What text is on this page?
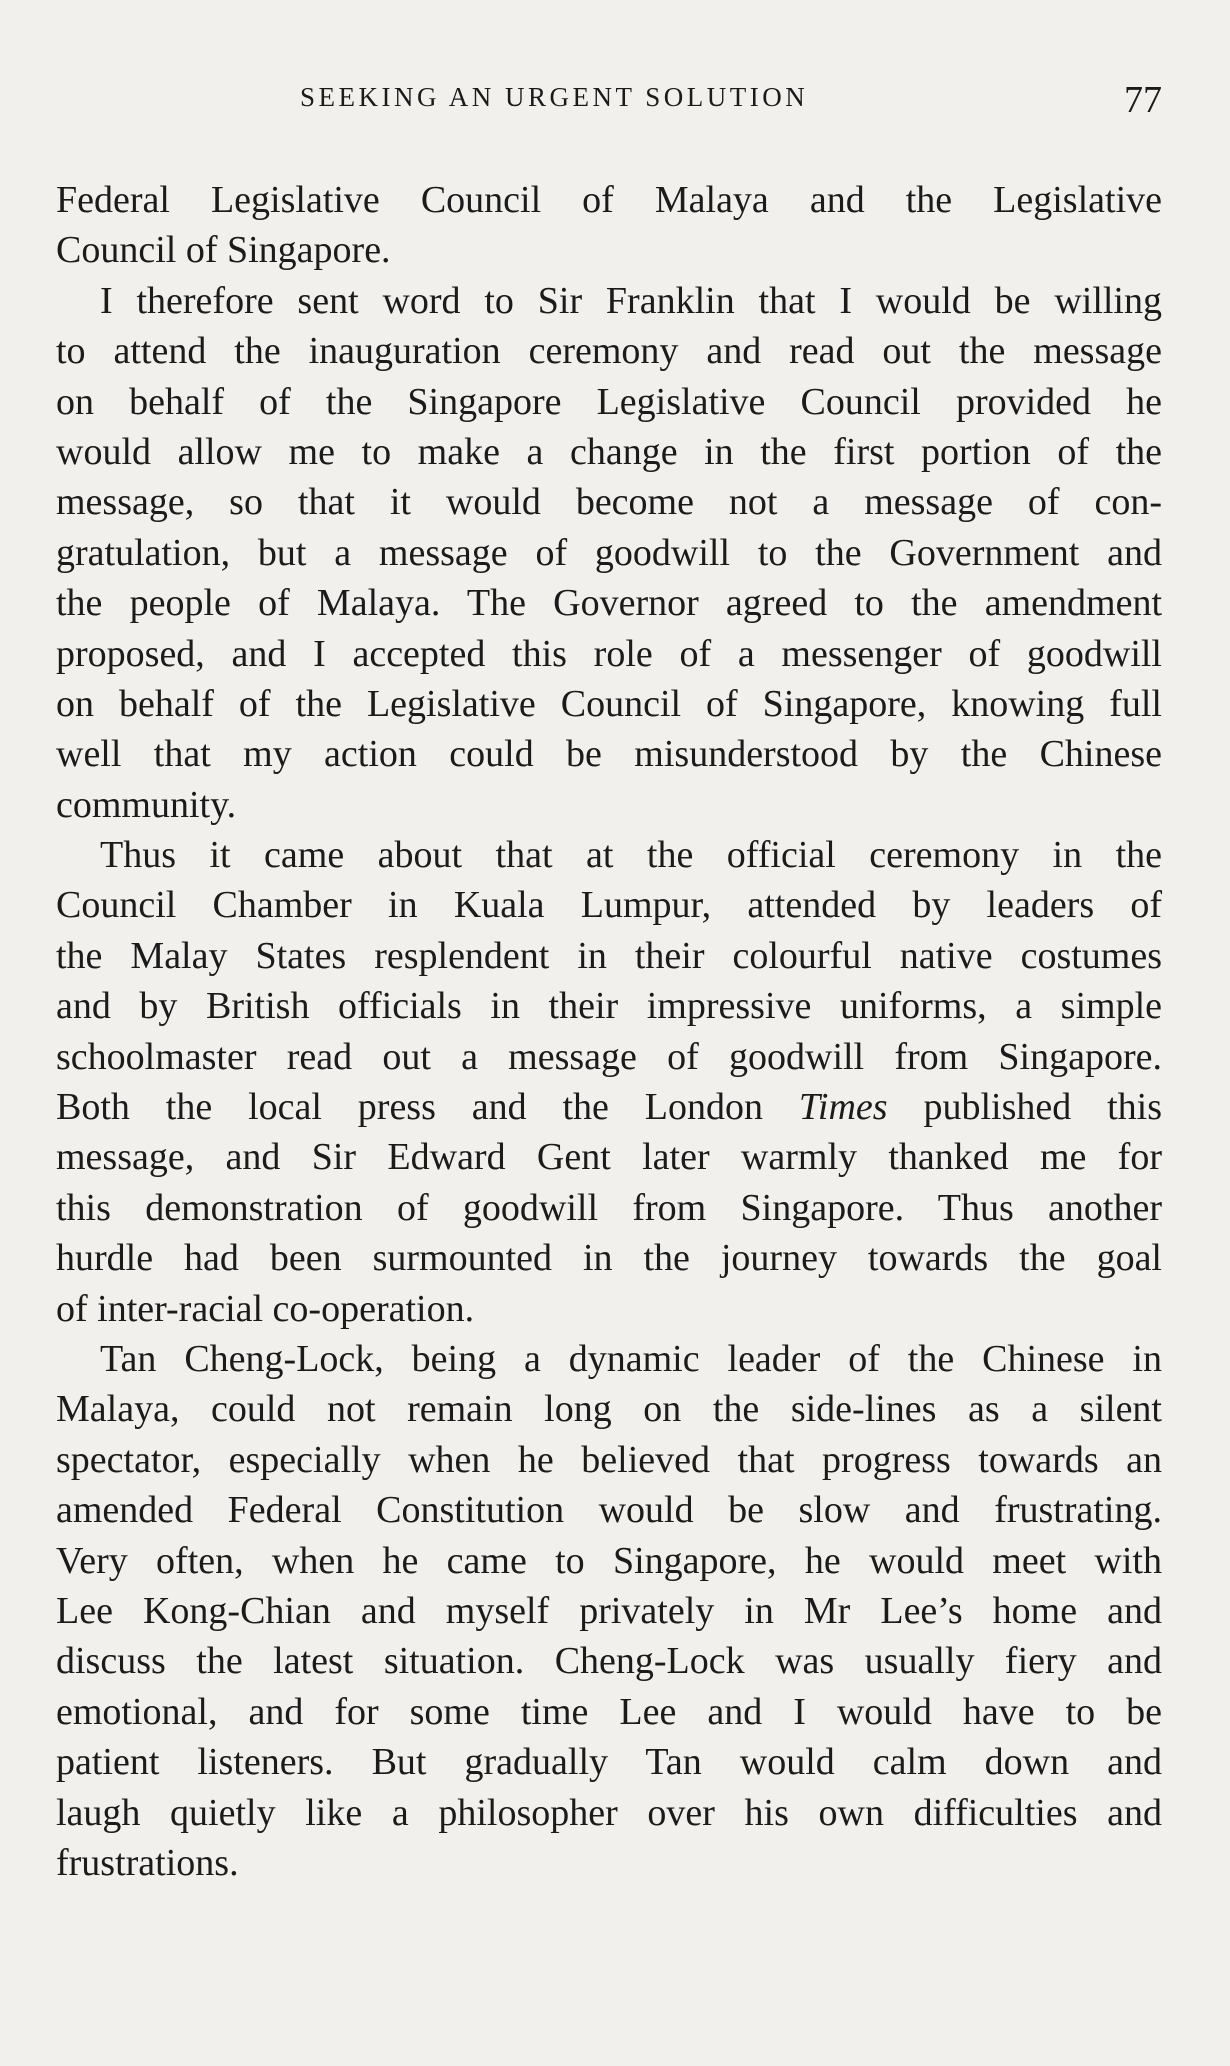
SEEKING AN URGENT SOLUTION	77
Federal Legislative Council of Malaya and the Legislative
Council of Singapore.
I therefore sent word to Sir Franklin that I would be willing
to attend the inauguration ceremony and read out the message
on behalf of the Singapore Legislative Council provided he
would allow me to make a change in the first portion of the
message, so that it would become not a message of con-
gratulation, but a message of goodwill to the Government and
the people of Malaya. The Governor agreed to the amendment
proposed, and I accepted this role of a messenger of goodwill
on behalf of the Legislative Council of Singapore, knowing full
well that my action could be misunderstood by the Chinese
community.
Thus it came about that at the official ceremony in the
Council Chamber in Kuala Lumpur, attended by leaders of
the Malay States resplendent in their colourful native costumes
and by British officials in their impressive uniforms, a simple
schoolmaster read out a message of goodwill from Singapore.
Both the local press and the London Times published this
message, and Sir Edward Gent later warmly thanked me for
this demonstration of goodwill from Singapore. Thus another
hurdle had been surmounted in the journey towards the goal
of inter-racial co-operation.
Tan Cheng-Lock, being a dynamic leader of the Chinese in
Malaya, could not remain long on the side-lines as a silent
spectator, especially when he believed that progress towards an
amended Federal Constitution would be slow and frustrating.
Very often, when he came to Singapore, he would meet with
Lee Kong-Chian and myself privately in Mr Lee’s home and
discuss the latest situation. Cheng-Lock was usually fiery and
emotional, and for some time Lee and I would have to be
patient listeners. But gradually Tan would calm down and
laugh quietly like a philosopher over his own difficulties and
frustrations.
